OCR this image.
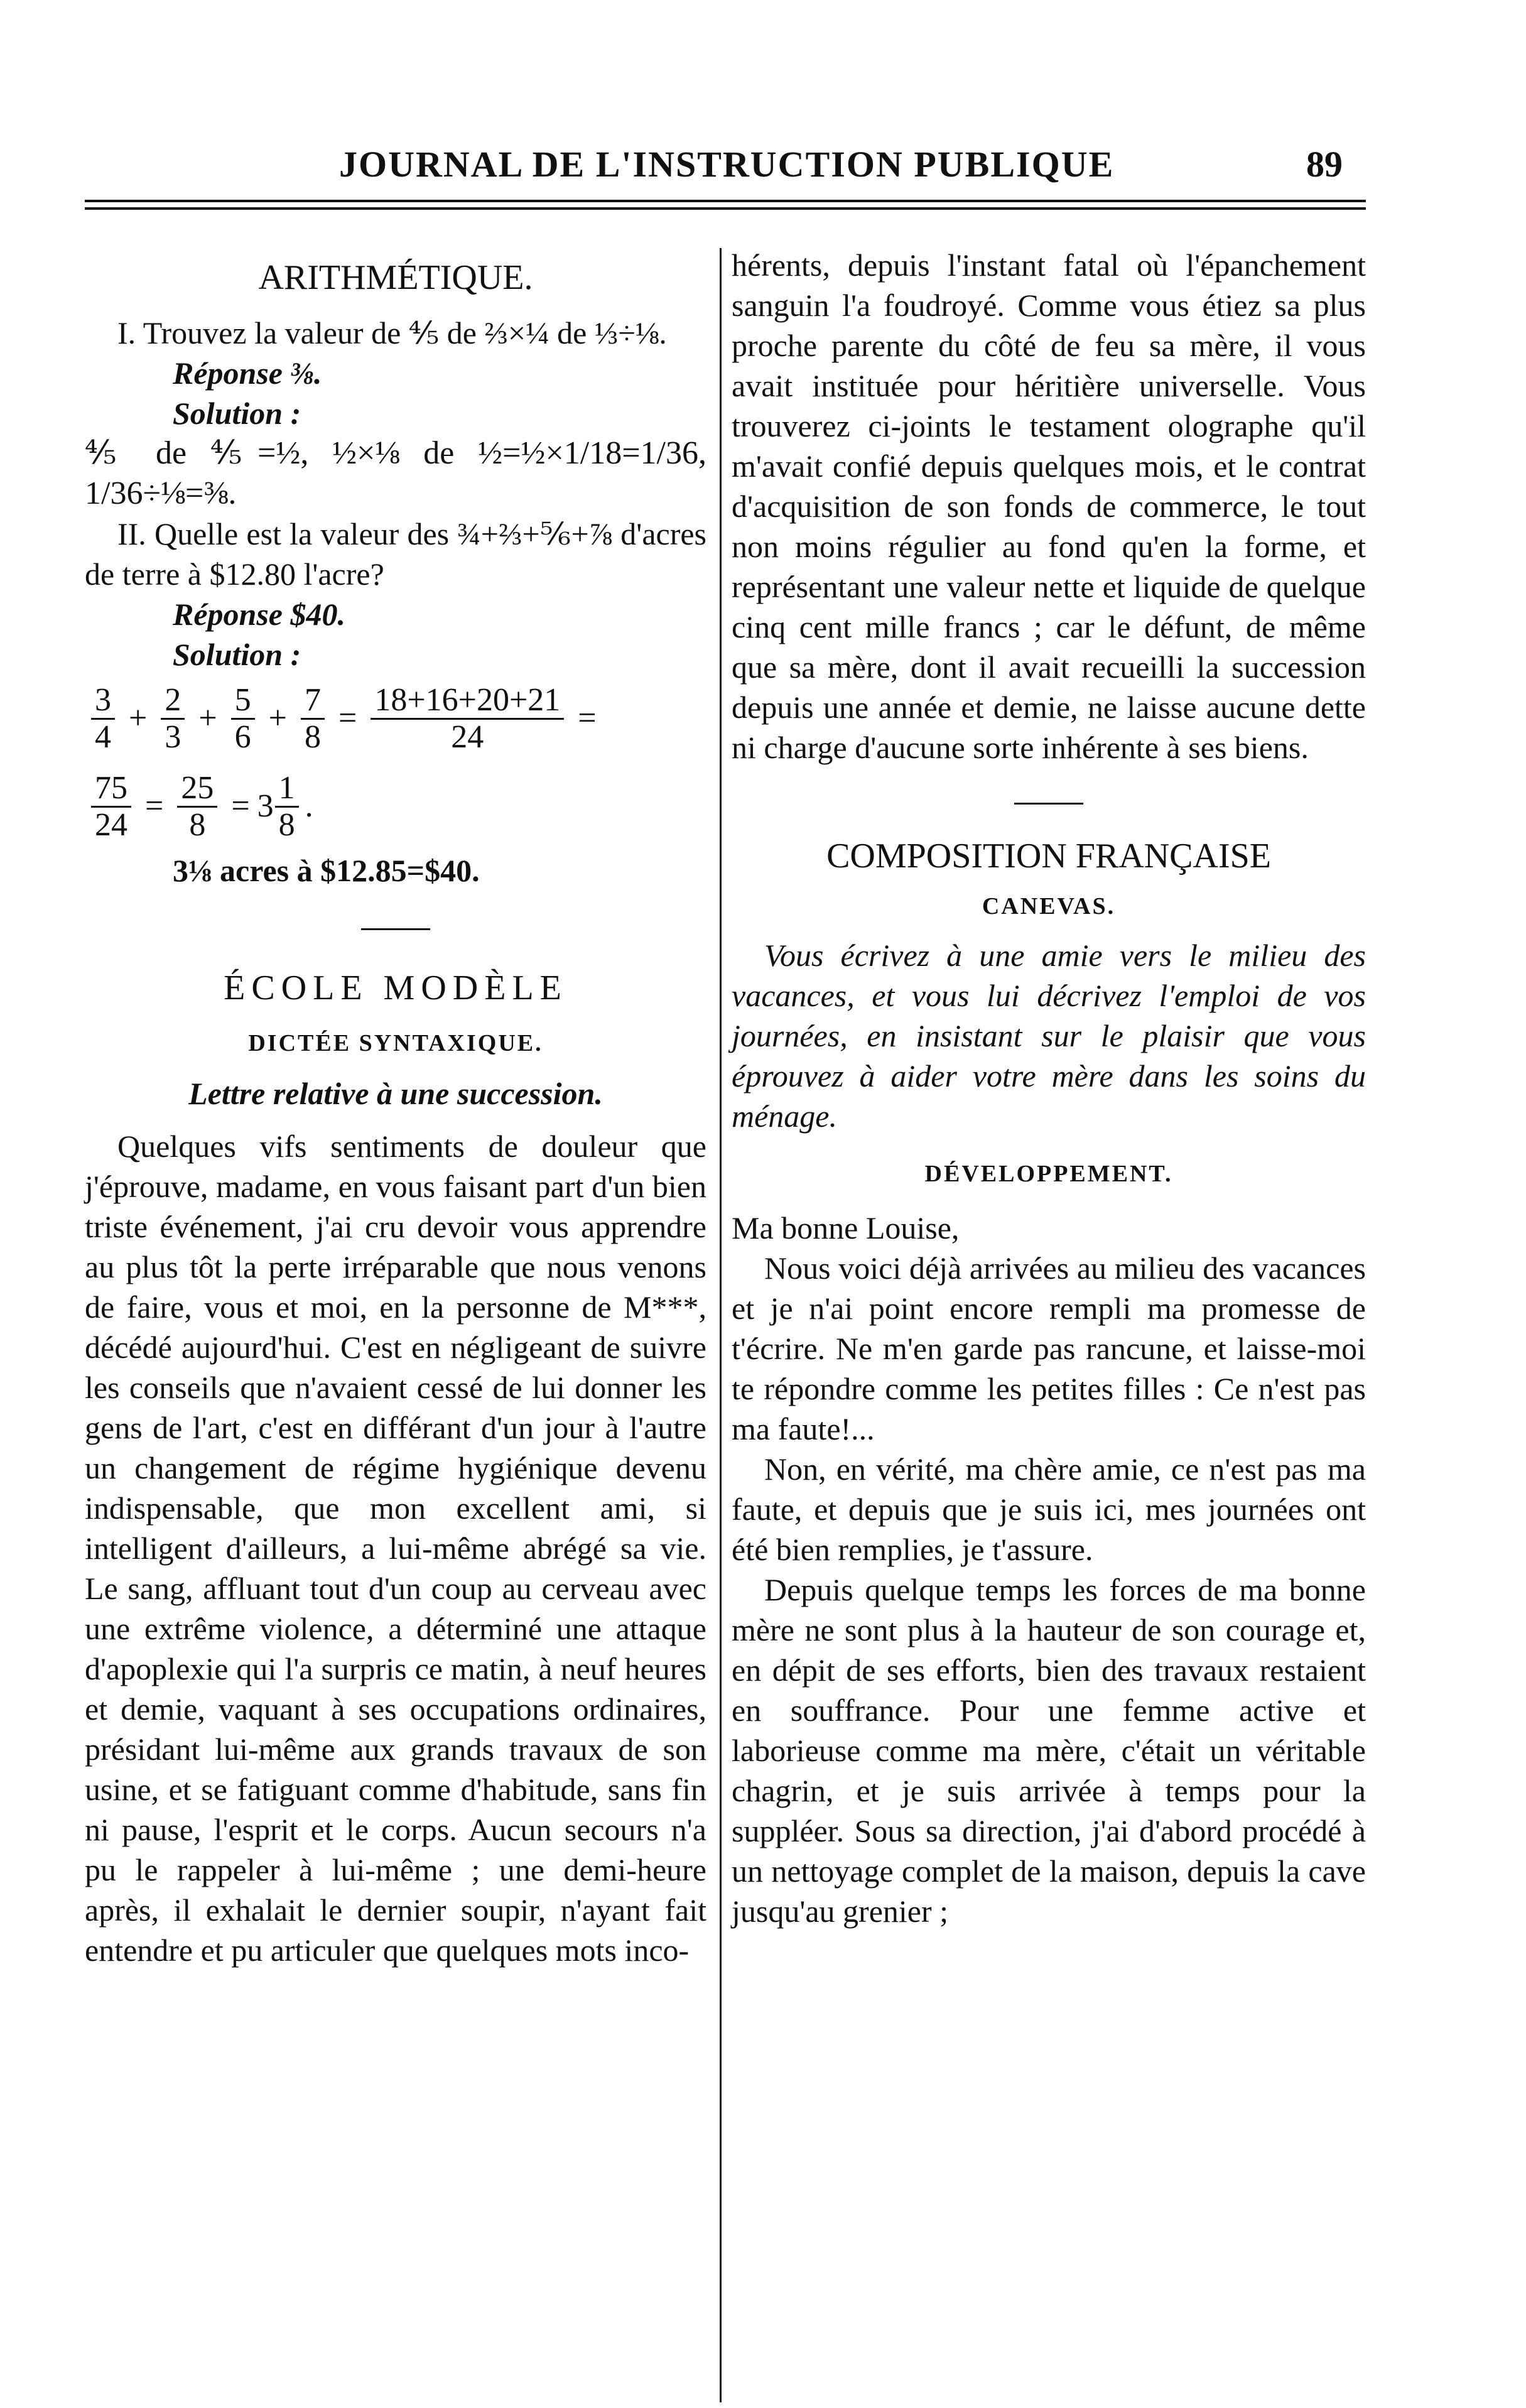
JOURNAL DE L'INSTRUCTION PUBLIQUE	89
ARITHMÉTIQUE.

I. Trouvez la valeur de ⅘ de ⅔×¼ de ⅓÷⅛.

Réponse ⅜.

Solution :

⅘ de ⅘=½, ½×⅛ de ½=½×1/18=1/36, 1/36÷⅛=⅜.

II. Quelle est la valeur des ¾+⅔+⅚+⅞ d'acres de terre à $12.80 l'acre?

Réponse $40.

Solution :

$\frac{3}{4} + \frac{2}{3} + \frac{5}{6} + \frac{7}{8} = \frac{18+16+20+21}{24}$ =
$\frac{75}{24} = \frac{25}{8} = 3 \frac{1}{8}$ .

3⅛ acres à $12.85=$40.

ÉCOLE MODÈLE
DICTÉE SYNTAXIQUE.
Lettre relative à une succession.

Quelques vifs sentiments de douleur que j'éprouve, madame, en vous faisant part d'un bien triste événement, j'ai cru devoir vous apprendre au plus tôt la perte irréparable que nous venons de faire, vous et moi, en la personne de M***, décédé aujourd'hui. C'est en négligeant de suivre les conseils que n'avaient cessé de lui donner les gens de l'art, c'est en différant d'un jour à l'autre un changement de régime hygiénique devenu indispensable, que mon excellent ami, si intelligent d'ailleurs, a lui-même abrégé sa vie. Le sang, affluant tout d'un coup au cerveau avec une extrême violence, a déterminé une attaque d'apoplexie qui l'a surpris ce matin, à neuf heures et demie, vaquant à ses occupations ordinaires, présidant lui-même aux grands travaux de son usine, et se fatiguant comme d'habitude, sans fin ni pause, l'esprit et le corps. Aucun secours n'a pu le rappeler à lui-même ; une demi-heure après, il exhalait le dernier soupir, n'ayant fait entendre et pu articuler que quelques mots inco-

hérents, depuis l'instant fatal où l'épanchement sanguin l'a foudroyé. Comme vous étiez sa plus proche parente du côté de feu sa mère, il vous avait instituée pour héritière universelle. Vous trouverez ci-joints le testament olographe qu'il m'avait confié depuis quelques mois, et le contrat d'acquisition de son fonds de commerce, le tout non moins régulier au fond qu'en la forme, et représentant une valeur nette et liquide de quelque cinq cent mille francs ; car le défunt, de même que sa mère, dont il avait recueilli la succession depuis une année et demie, ne laisse aucune dette ni charge d'aucune sorte inhérente à ses biens.

COMPOSITION FRANÇAISE
CANEVAS.

Vous écrivez à une amie vers le milieu des vacances, et vous lui décrivez l'emploi de vos journées, en insistant sur le plaisir que vous éprouvez à aider votre mère dans les soins du ménage.

DÉVELOPPEMENT.

Ma bonne Louise,

Nous voici déjà arrivées au milieu des vacances et je n'ai point encore rempli ma promesse de t'écrire. Ne m'en garde pas rancune, et laisse-moi te répondre comme les petites filles : Ce n'est pas ma faute!...

Non, en vérité, ma chère amie, ce n'est pas ma faute, et depuis que je suis ici, mes journées ont été bien remplies, je t'assure.

Depuis quelque temps les forces de ma bonne mère ne sont plus à la hauteur de son courage et, en dépit de ses efforts, bien des travaux restaient en souffrance. Pour une femme active et laborieuse comme ma mère, c'était un véritable chagrin, et je suis arrivée à temps pour la suppléer. Sous sa direction, j'ai d'abord procédé à un nettoyage complet de la maison, depuis la cave jusqu'au grenier ;
